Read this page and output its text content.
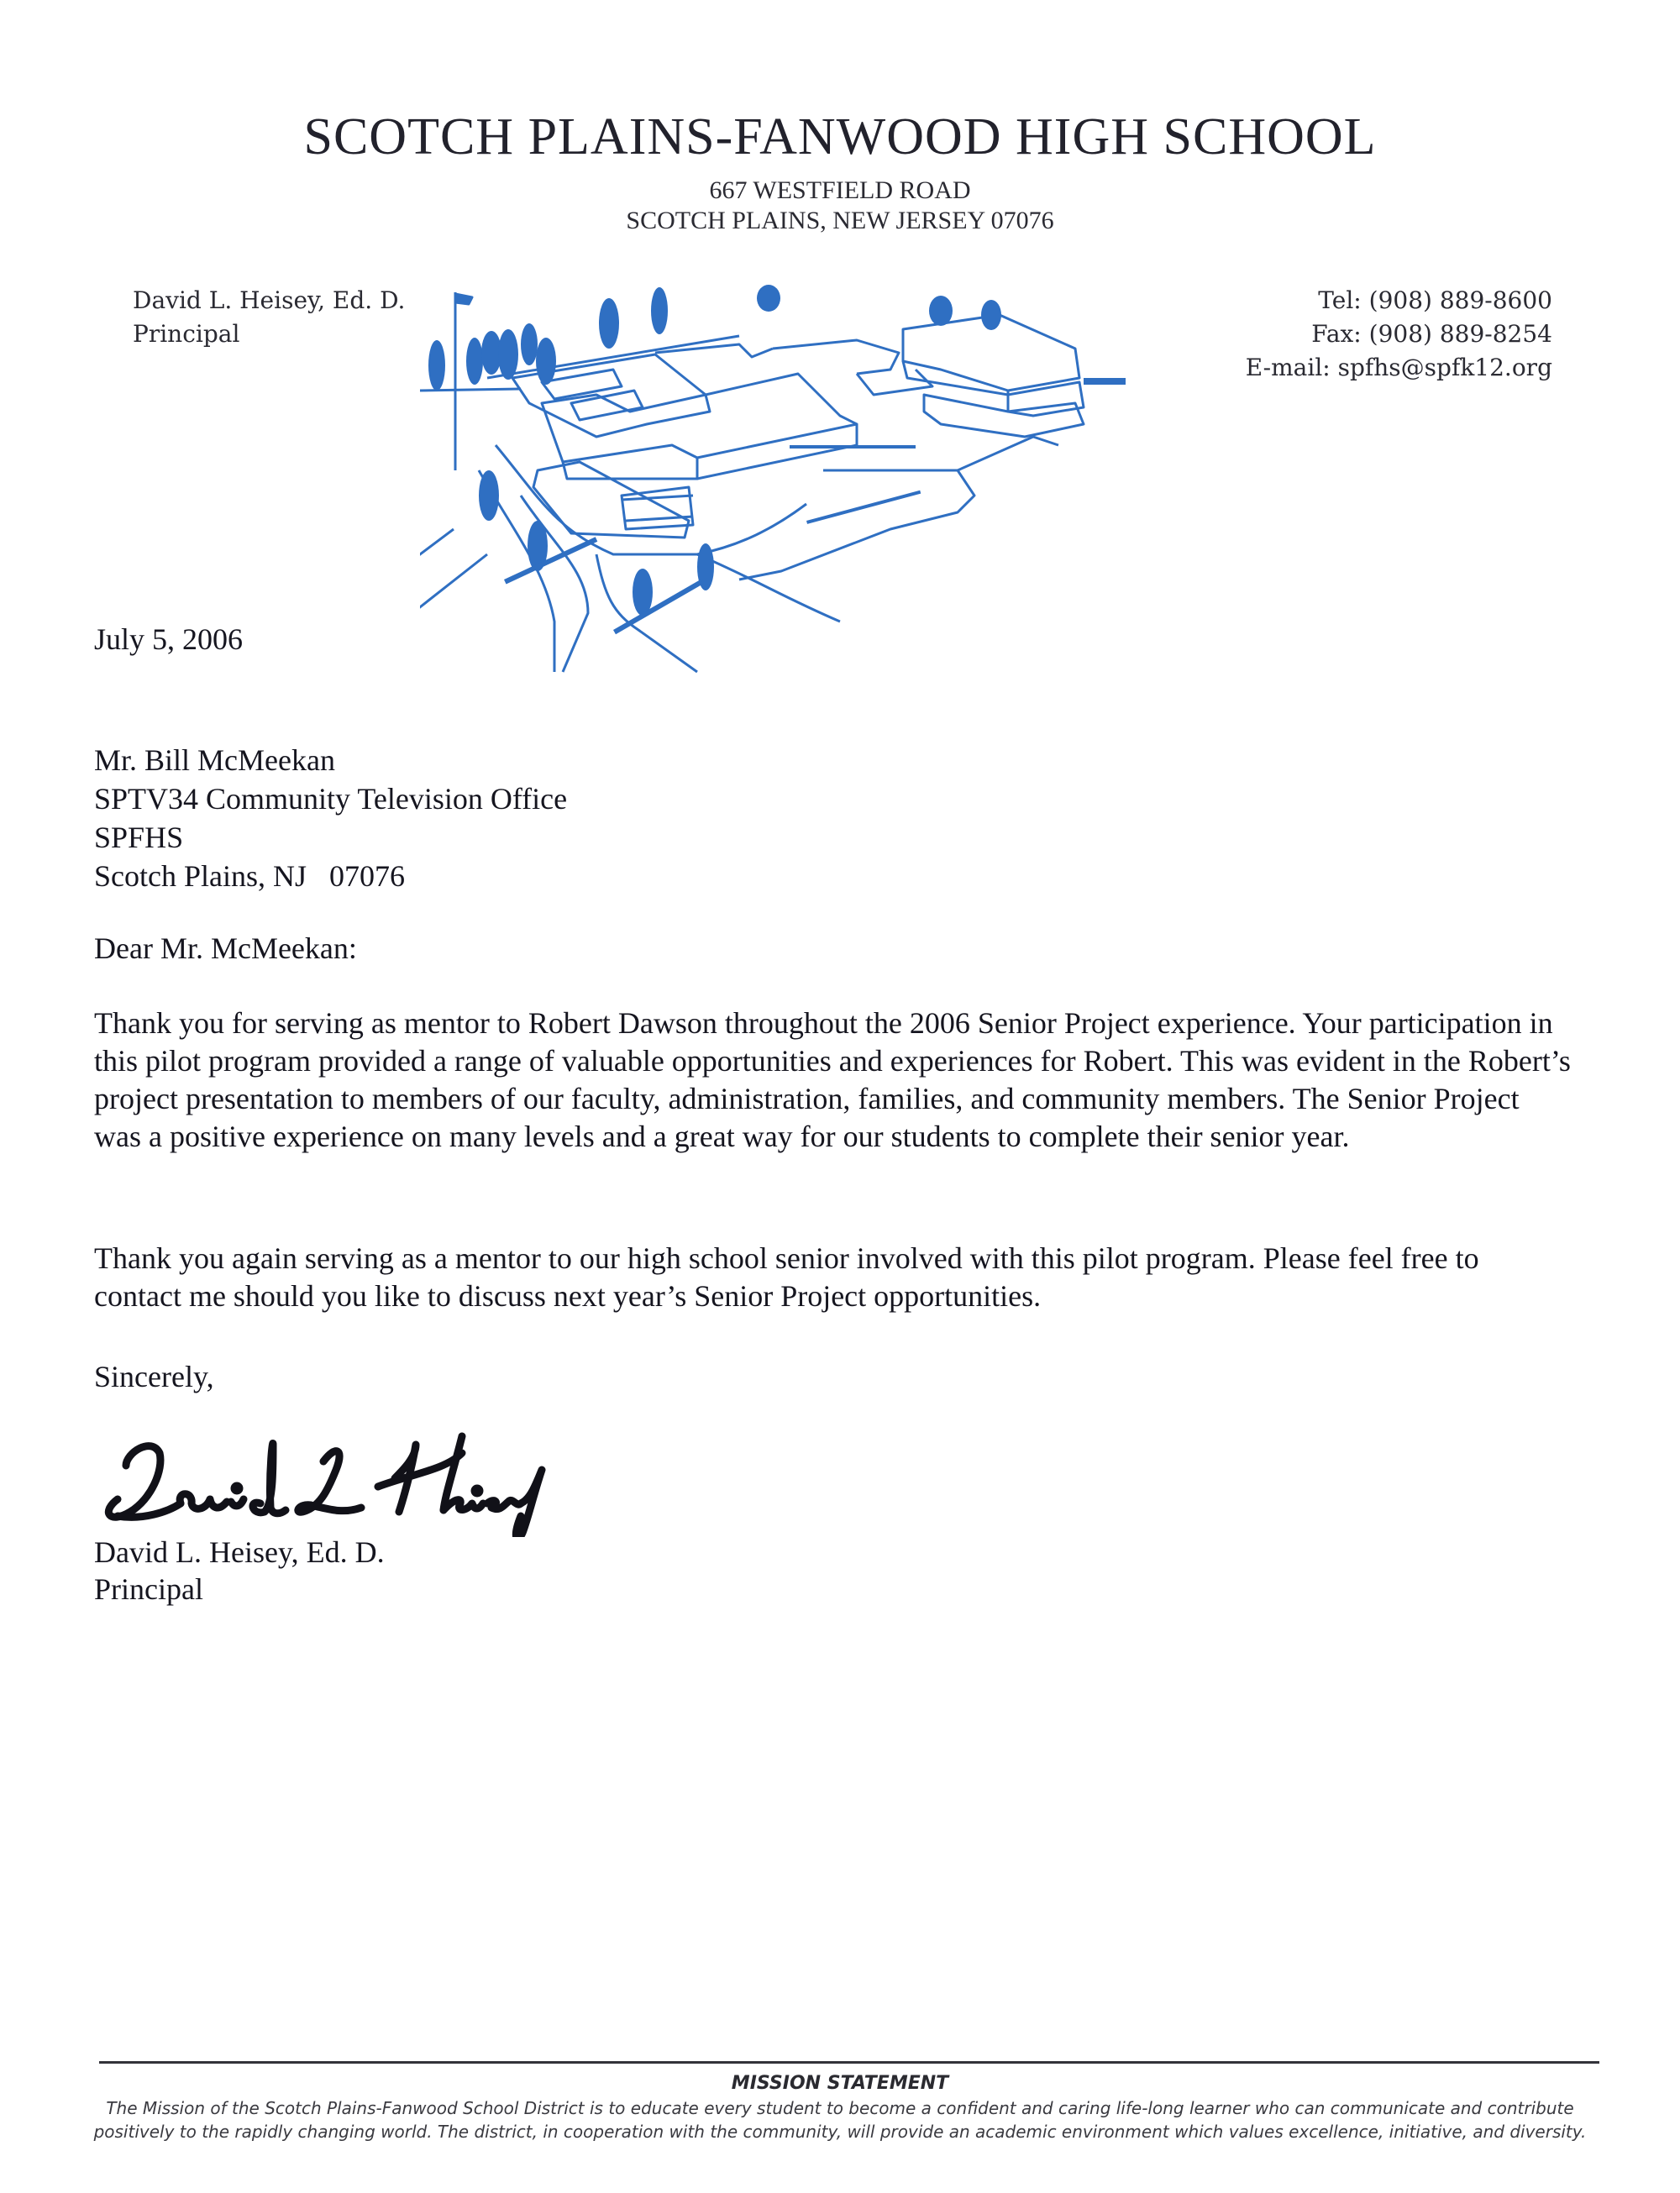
SCOTCH PLAINS-FANWOOD HIGH SCHOOL
667 WESTFIELD ROAD
SCOTCH PLAINS, NEW JERSEY 07076
David L. Heisey, Ed. D.
Principal
Tel: (908) 889-8600
Fax: (908) 889-8254
E-mail: spfhs@spfk12.org
July 5, 2006
Mr. Bill McMeekan
SPTV34 Community Television Office
SPFHS
Scotch Plains, NJ   07076
Dear Mr. McMeekan:
Thank you for serving as mentor to Robert Dawson throughout the 2006 Senior Project experience. Your participation in this pilot program provided a range of valuable opportunities and experiences for Robert. This was evident in the Robert’s project presentation to members of our faculty, administration, families, and community members. The Senior Project was a positive experience on many levels and a great way for our students to complete their senior year.
Thank you again serving as a mentor to our high school senior involved with this pilot program. Please feel free to contact me should you like to discuss next year’s Senior Project opportunities.
Sincerely,
David L. Heisey, Ed. D.
Principal
MISSION STATEMENT
The Mission of the Scotch Plains-Fanwood School District is to educate every student to become a confident and caring life-long learner who can communicate and contribute positively to the rapidly changing world. The district, in cooperation with the community, will provide an academic environment which values excellence, initiative, and diversity.
